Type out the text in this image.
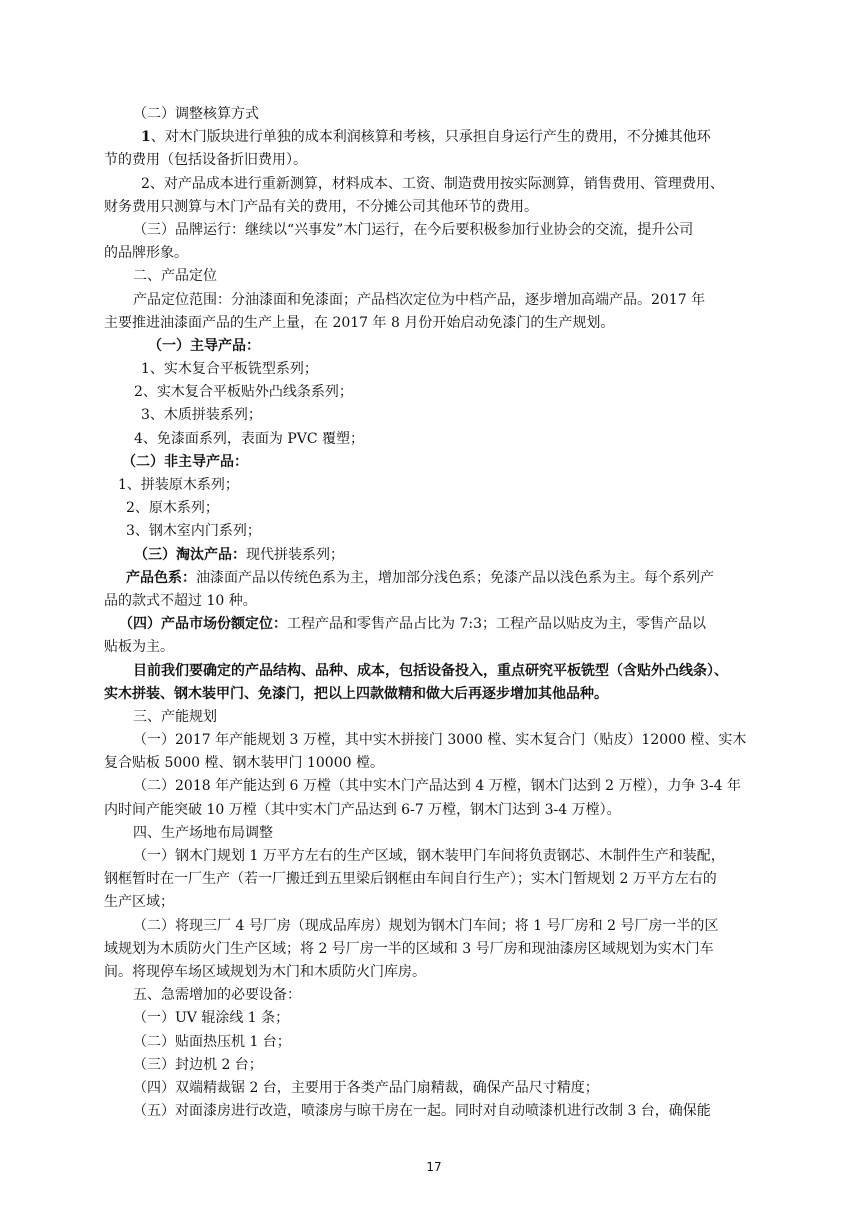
（二）调整核算方式
1、对木门版块进行单独的成本利润核算和考核，只承担自身运行产生的费用，不分摊其他环
节的费用（包括设备折旧费用）。
2、对产品成本进行重新测算，材料成本、工资、制造费用按实际测算，销售费用、管理费用、
财务费用只测算与木门产品有关的费用，不分摊公司其他环节的费用。
（三）品牌运行：继续以“兴事发”木门运行，在今后要积极参加行业协会的交流，提升公司
的品牌形象。
二、产品定位
产品定位范围：分油漆面和免漆面；产品档次定位为中档产品，逐步增加高端产品。2017 年
主要推进油漆面产品的生产上量，在 2017 年 8 月份开始启动免漆门的生产规划。
（一）主导产品：
1、实木复合平板铣型系列；
2、实木复合平板贴外凸线条系列；
3、木质拼装系列；
4、免漆面系列，表面为 PVC 覆塑；
（二）非主导产品：
1、拼装原木系列；
2、原木系列；
3、钢木室内门系列；
（三）淘汰产品：现代拼装系列；
产品色系：油漆面产品以传统色系为主，增加部分浅色系；免漆产品以浅色系为主。每个系列产
品的款式不超过 10 种。
（四）产品市场份额定位：工程产品和零售产品占比为 7:3；工程产品以贴皮为主，零售产品以
贴板为主。
目前我们要确定的产品结构、品种、成本，包括设备投入，重点研究平板铣型（含贴外凸线条）、
实木拼装、钢木装甲门、免漆门，把以上四款做精和做大后再逐步增加其他品种。
三、产能规划
（一）2017 年产能规划 3 万樘，其中实木拼接门 3000 樘、实木复合门（贴皮）12000 樘、实木
复合贴板 5000 樘、钢木装甲门 10000 樘。
（二）2018 年产能达到 6 万樘（其中实木门产品达到 4 万樘，钢木门达到 2 万樘），力争 3-4 年
内时间产能突破 10 万樘（其中实木门产品达到 6-7 万樘，钢木门达到 3-4 万樘）。
四、生产场地布局调整
（一）钢木门规划 1 万平方左右的生产区域，钢木装甲门车间将负责钢芯、木制件生产和装配，
钢框暂时在一厂生产（若一厂搬迁到五里梁后钢框由车间自行生产）；实木门暂规划 2 万平方左右的
生产区域；
（二）将现三厂 4 号厂房（现成品库房）规划为钢木门车间；将 1 号厂房和 2 号厂房一半的区
域规划为木质防火门生产区域；将 2 号厂房一半的区域和 3 号厂房和现油漆房区域规划为实木门车
间。将现停车场区域规划为木门和木质防火门库房。
五、急需增加的必要设备：
（一）UV 辊涂线 1 条；
（二）贴面热压机 1 台；
（三）封边机 2 台；
（四）双端精裁锯 2 台，主要用于各类产品门扇精裁，确保产品尺寸精度；
（五）对面漆房进行改造，喷漆房与晾干房在一起。同时对自动喷漆机进行改制 3 台，确保能
17
